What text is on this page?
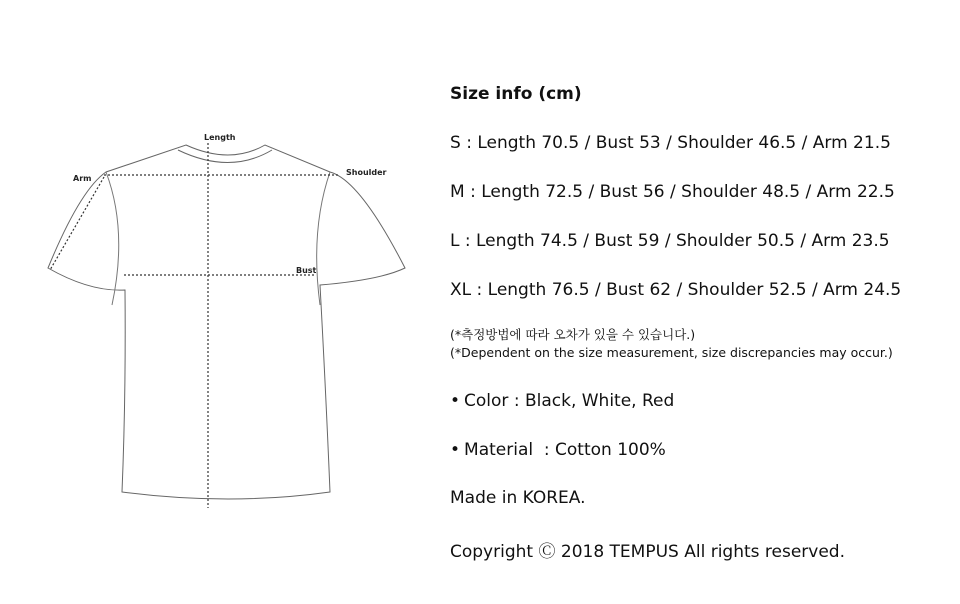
Length
Arm
Shoulder
Bust
Size info (cm)
S : Length 70.5 / Bust 53 / Shoulder 46.5 / Arm 21.5
M : Length 72.5 / Bust 56 / Shoulder 48.5 / Arm 22.5
L : Length 74.5 / Bust 59 / Shoulder 50.5 / Arm 23.5
XL : Length 76.5 / Bust 62 / Shoulder 52.5 / Arm 24.5
(*측정방법에 따라 오차가 있을 수 있습니다.)
(*Dependent on the size measurement, size discrepancies may occur.)
• Color : Black, White, Red
• Material  : Cotton 100%
Made in KOREA.
Copyright Ⓒ 2018 TEMPUS All rights reserved.
